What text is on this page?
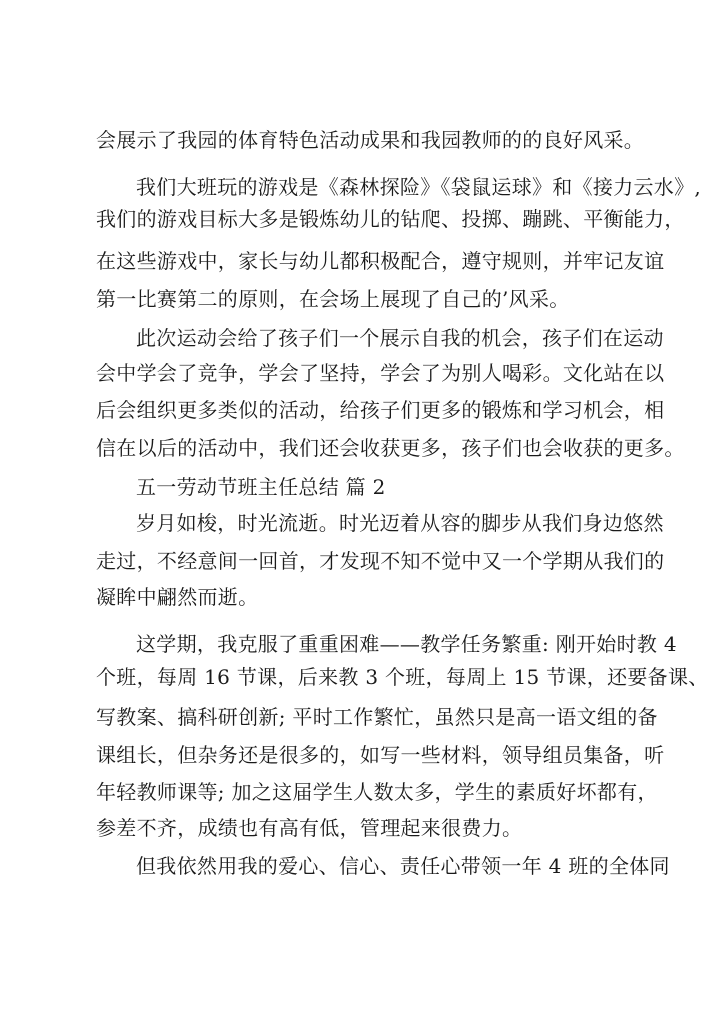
会展示了我园的体育特色活动成果和我园教师的的良好风采。
我们大班玩的游戏是《森林探险》《袋鼠运球》和《接力云水》,
我们的游戏目标大多是锻炼幼儿的钻爬、投掷、蹦跳、平衡能力，
在这些游戏中，家长与幼儿都积极配合，遵守规则，并牢记友谊
第一比赛第二的原则，在会场上展现了自己的’风采。
此次运动会给了孩子们一个展示自我的机会，孩子们在运动
会中学会了竞争，学会了坚持，学会了为别人喝彩。文化站在以
后会组织更多类似的活动，给孩子们更多的锻炼和学习机会，相
信在以后的活动中，我们还会收获更多，孩子们也会收获的更多。
五一劳动节班主任总结 篇 2
岁月如梭，时光流逝。时光迈着从容的脚步从我们身边悠然
走过，不经意间一回首，才发现不知不觉中又一个学期从我们的
凝眸中翩然而逝。
这学期，我克服了重重困难——教学任务繁重: 刚开始时教 4
个班，每周 16 节课，后来教 3 个班，每周上 15 节课，还要备课、
写教案、搞科研创新; 平时工作繁忙，虽然只是高一语文组的备
课组长，但杂务还是很多的，如写一些材料，领导组员集备，听
年轻教师课等; 加之这届学生人数太多，学生的素质好坏都有，
参差不齐，成绩也有高有低，管理起来很费力。
但我依然用我的爱心、信心、责任心带领一年 4 班的全体同
